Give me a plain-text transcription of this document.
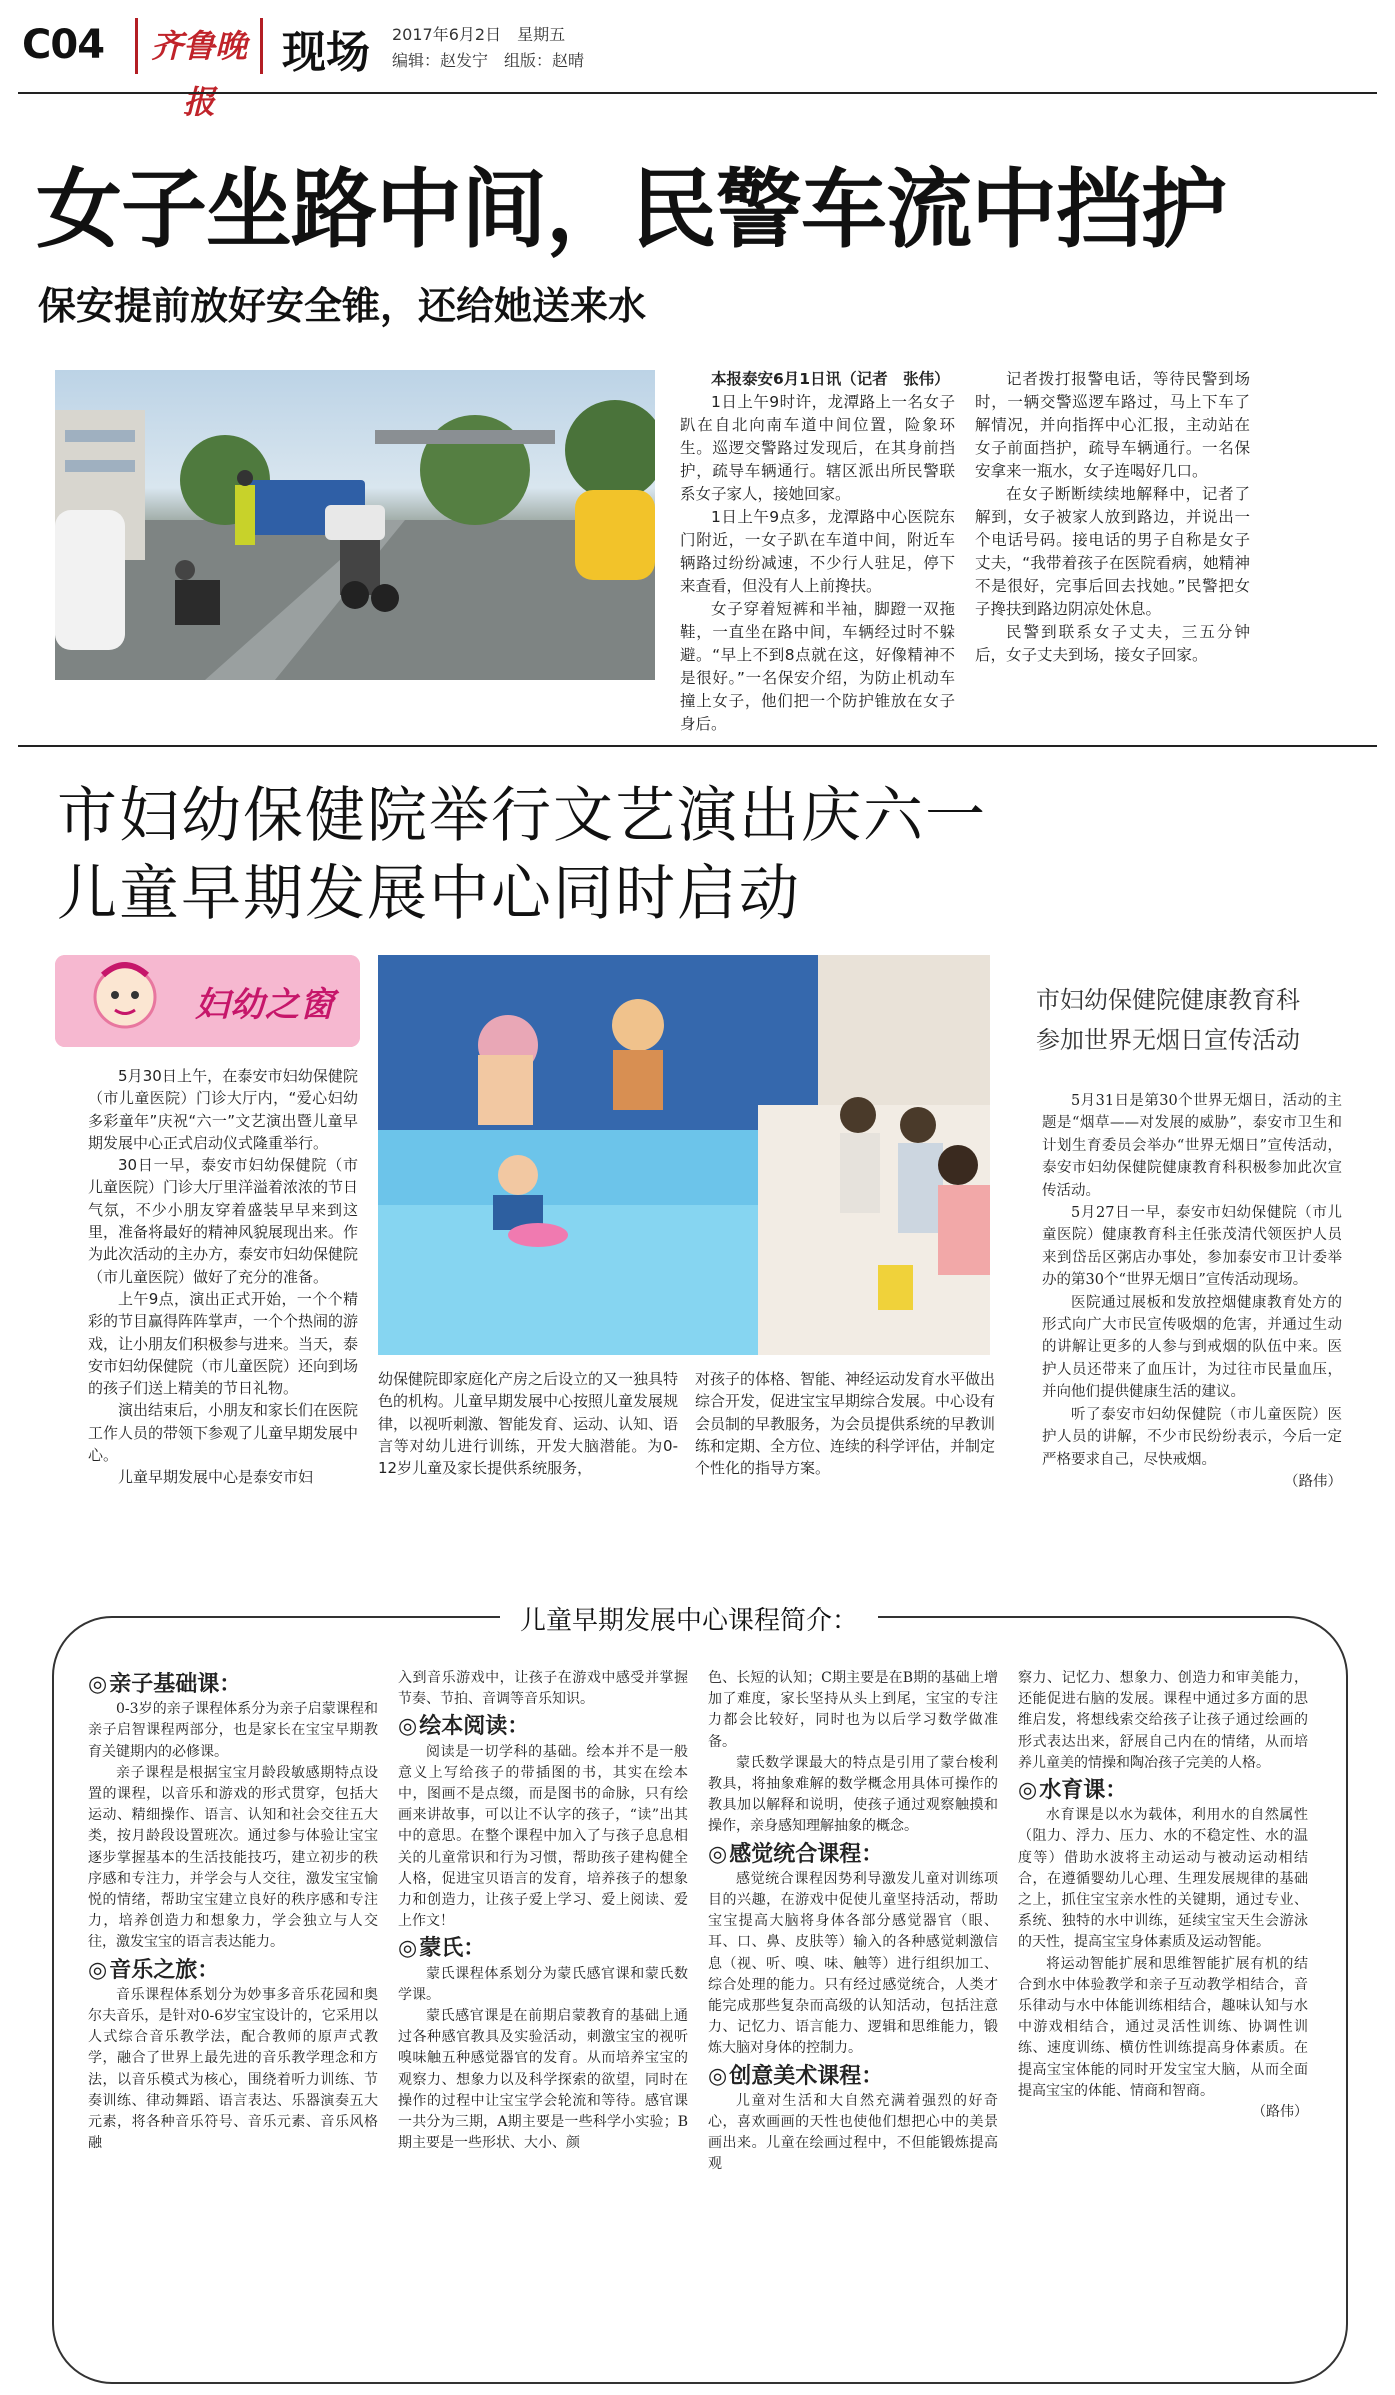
C04	齐鲁晚报
现场 2017年6月2日　星期五
编辑：赵发宁　组版：赵晴
女子坐路中间，民警车流中挡护
保安提前放好安全锥，还给她送来水

本报泰安6月1日讯（记者　张伟）

1日上午9时许，龙潭路上一名女子趴在自北向南车道中间位置，险象环生。巡逻交警路过发现后，在其身前挡护，疏导车辆通行。辖区派出所民警联系女子家人，接她回家。

1日上午9点多，龙潭路中心医院东门附近，一女子趴在车道中间，附近车辆路过纷纷减速，不少行人驻足，停下来查看，但没有人上前搀扶。

女子穿着短裤和半袖，脚蹬一双拖鞋，一直坐在路中间，车辆经过时不躲避。“早上不到8点就在这，好像精神不是很好。”一名保安介绍，为防止机动车撞上女子，他们把一个防护锥放在女子身后。

记者拨打报警电话，等待民警到场时，一辆交警巡逻车路过，马上下车了解情况，并向指挥中心汇报，主动站在女子前面挡护，疏导车辆通行。一名保安拿来一瓶水，女子连喝好几口。

在女子断断续续地解释中，记者了解到，女子被家人放到路边，并说出一个电话号码。接电话的男子自称是女子丈夫，“我带着孩子在医院看病，她精神不是很好，完事后回去找她。”民警把女子搀扶到路边阴凉处休息。

民警到联系女子丈夫，三五分钟后，女子丈夫到场，接女子回家。

市妇幼保健院举行文艺演出庆六一
儿童早期发展中心同时启动
妇幼之窗	市妇幼保健院健康教育科
参加世界无烟日宣传活动

5月30日上午，在泰安市妇幼保健院（市儿童医院）门诊大厅内，“爱心妇幼　多彩童年”庆祝“六一”文艺演出暨儿童早期发展中心正式启动仪式隆重举行。

30日一早，泰安市妇幼保健院（市儿童医院）门诊大厅里洋溢着浓浓的节日气氛，不少小朋友穿着盛装早早来到这里，准备将最好的精神风貌展现出来。作为此次活动的主办方，泰安市妇幼保健院（市儿童医院）做好了充分的准备。

上午9点，演出正式开始，一个个精彩的节目赢得阵阵掌声，一个个热闹的游戏，让小朋友们积极参与进来。当天，泰安市妇幼保健院（市儿童医院）还向到场的孩子们送上精美的节日礼物。

演出结束后，小朋友和家长们在医院工作人员的带领下参观了儿童早期发展中心。

儿童早期发展中心是泰安市妇

幼保健院即家庭化产房之后设立的又一独具特色的机构。儿童早期发展中心按照儿童发展规律，以视听刺激、智能发育、运动、认知、语言等对幼儿进行训练，开发大脑潜能。为0-12岁儿童及家长提供系统服务，
对孩子的体格、智能、神经运动发育水平做出综合开发，促进宝宝早期综合发展。中心设有会员制的早教服务，为会员提供系统的早教训练和定期、全方位、连续的科学评估，并制定个性化的指导方案。

5月31日是第30个世界无烟日，活动的主题是“烟草——对发展的威胁”，泰安市卫生和计划生育委员会举办“世界无烟日”宣传活动，泰安市妇幼保健院健康教育科积极参加此次宣传活动。

5月27日一早，泰安市妇幼保健院（市儿童医院）健康教育科主任张茂清代领医护人员来到岱岳区粥店办事处，参加泰安市卫计委举办的第30个“世界无烟日”宣传活动现场。

医院通过展板和发放控烟健康教育处方的形式向广大市民宣传吸烟的危害，并通过生动的讲解让更多的人参与到戒烟的队伍中来。医护人员还带来了血压计，为过往市民量血压，并向他们提供健康生活的建议。

听了泰安市妇幼保健院（市儿童医院）医护人员的讲解，不少市民纷纷表示，今后一定严格要求自己，尽快戒烟。

（路伟）
儿童早期发展中心课程简介：
◎ 亲子基础课：

0-3岁的亲子课程体系分为亲子启蒙课程和亲子启智课程两部分，也是家长在宝宝早期教育关键期内的必修课。

亲子课程是根据宝宝月龄段敏感期特点设置的课程，以音乐和游戏的形式贯穿，包括大运动、精细操作、语言、认知和社会交往五大类，按月龄段设置班次。通过参与体验让宝宝逐步掌握基本的生活技能技巧，建立初步的秩序感和专注力，并学会与人交往，激发宝宝愉悦的情绪，帮助宝宝建立良好的秩序感和专注力，培养创造力和想象力，学会独立与人交往，激发宝宝的语言表达能力。

◎ 音乐之旅：

音乐课程体系划分为妙事多音乐花园和奥尔夫音乐，是针对0-6岁宝宝设计的，它采用以人式综合音乐教学法，配合教师的原声式教学，融合了世界上最先进的音乐教学理念和方法，以音乐模式为核心，围绕着听力训练、节奏训练、律动舞蹈、语言表达、乐器演奏五大元素，将各种音乐符号、音乐元素、音乐风格融

入到音乐游戏中，让孩子在游戏中感受并掌握节奏、节拍、音调等音乐知识。
◎ 绘本阅读：

阅读是一切学科的基础。绘本并不是一般意义上写给孩子的带插图的书，其实在绘本中，图画不是点缀，而是图书的命脉，只有绘画来讲故事，可以让不认字的孩子，“读”出其中的意思。在整个课程中加入了与孩子息息相关的儿童常识和行为习惯，帮助孩子建构健全人格，促进宝贝语言的发育，培养孩子的想象力和创造力，让孩子爱上学习、爱上阅读、爱上作文！

◎ 蒙氏：

蒙氏课程体系划分为蒙氏感官课和蒙氏数学课。

蒙氏感官课是在前期启蒙教育的基础上通过各种感官教具及实验活动，刺激宝宝的视听嗅味触五种感觉器官的发育。从而培养宝宝的观察力、想象力以及科学探索的欲望，同时在操作的过程中让宝宝学会轮流和等待。感官课一共分为三期，A期主要是一些科学小实验；B期主要是一些形状、大小、颜

色、长短的认知；C期主要是在B期的基础上增加了难度，家长坚持从头上到尾，宝宝的专注力都会比较好，同时也为以后学习数学做准备。

蒙氏数学课最大的特点是引用了蒙台梭利教具，将抽象难解的数学概念用具体可操作的教具加以解释和说明，使孩子通过观察触摸和操作，亲身感知理解抽象的概念。

◎ 感觉统合课程：

感觉统合课程因势利导激发儿童对训练项目的兴趣，在游戏中促使儿童坚持活动，帮助宝宝提高大脑将身体各部分感觉器官（眼、耳、口、鼻、皮肤等）输入的各种感觉刺激信息（视、听、嗅、味、触等）进行组织加工、综合处理的能力。只有经过感觉统合，人类才能完成那些复杂而高级的认知活动，包括注意力、记忆力、语言能力、逻辑和思维能力，锻炼大脑对身体的控制力。

◎ 创意美术课程：

儿童对生活和大自然充满着强烈的好奇心，喜欢画画的天性也使他们想把心中的美景画出来。儿童在绘画过程中，不但能锻炼提高观

察力、记忆力、想象力、创造力和审美能力，还能促进右脑的发展。课程中通过多方面的思维启发，将想线索交给孩子让孩子通过绘画的形式表达出来，舒展自己内在的情绪，从而培养儿童美的情操和陶冶孩子完美的人格。
◎ 水育课：

水育课是以水为载体，利用水的自然属性（阻力、浮力、压力、水的不稳定性、水的温度等）借助水波将主动运动与被动运动相结合，在遵循婴幼儿心理、生理发展规律的基础之上，抓住宝宝亲水性的关键期，通过专业、系统、独特的水中训练，延续宝宝天生会游泳的天性，提高宝宝身体素质及运动智能。

将运动智能扩展和思维智能扩展有机的结合到水中体验教学和亲子互动教学相结合，音乐律动与水中体能训练相结合，趣味认知与水中游戏相结合，通过灵活性训练、协调性训练、速度训练、横仿性训练提高身体素质。在提高宝宝体能的同时开发宝宝大脑，从而全面提高宝宝的体能、情商和智商。

（路伟）
